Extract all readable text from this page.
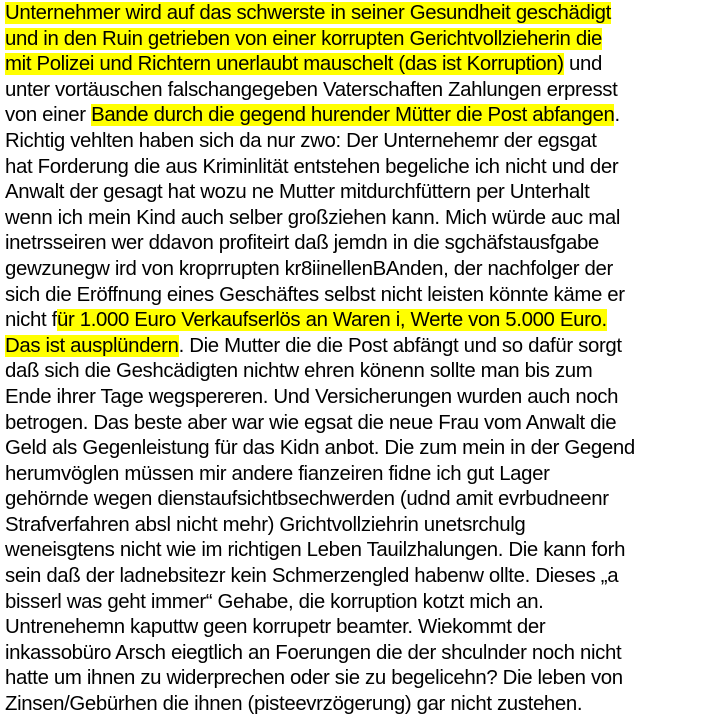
Unternehmer wird auf das schwerste in seiner Gesundheit geschädigt
und in den Ruin getrieben von einer korrupten Gerichtvollzieherin die
mit Polizei und Richtern unerlaubt mauschelt (das ist Korruption) und
unter vortäuschen falschangegeben Vaterschaften Zahlungen erpresst
von einer Bande durch die gegend hurender Mütter die Post abfangen.
Richtig vehlten haben sich da nur zwo: Der Unternehemr der egsgat
hat Forderung die aus Kriminlität entstehen begeliche ich nicht und der
Anwalt der gesagt hat wozu ne Mutter mitdurchfüttern per Unterhalt
wenn ich mein Kind auch selber großziehen kann. Mich würde auc mal
inetrsseiren wer ddavon profiteirt daß jemdn in die sgchäfstausfgabe
gewzunegw ird von kroprrupten kr8iinellenBAnden, der nachfolger der
sich die Eröffnung eines Geschäftes selbst nicht leisten könnte käme er
nicht für 1.000 Euro Verkaufserlös an Waren i, Werte von 5.000 Euro.
Das ist ausplündern. Die Mutter die die Post abfängt und so dafür sorgt
daß sich die Geshcädigten nichtw ehren könenn sollte man bis zum
Ende ihrer Tage wegspereren. Und Versicherungen wurden auch noch
betrogen. Das beste aber war wie egsat die neue Frau vom Anwalt die
Geld als Gegenleistung für das Kidn anbot. Die zum mein in der Gegend
herumvöglen müssen mir andere fianzeiren fidne ich gut Lager
gehörnde wegen dienstaufsichtbsechwerden (udnd amit evrbudneenr
Strafverfahren absl nicht mehr) Grichtvollziehrin unetsrchulg
weneisgtens nicht wie im richtigen Leben Tauilzhalungen. Die kann forh
sein daß der ladnebsitezr kein Schmerzengled habenw ollte. Dieses „a
bisserl was geht immer“ Gehabe, die korruption kotzt mich an.
Untrenehemn kaputtw geen korrupetr beamter. Wiekommt der
inkassobüro Arsch eiegtlich an Foerungen die der shculnder noch nicht
hatte um ihnen zu widerprechen oder sie zu begelicehn? Die leben von
Zinsen/Gebürhen die ihnen (pisteevrzögerung) gar nicht zustehen.
